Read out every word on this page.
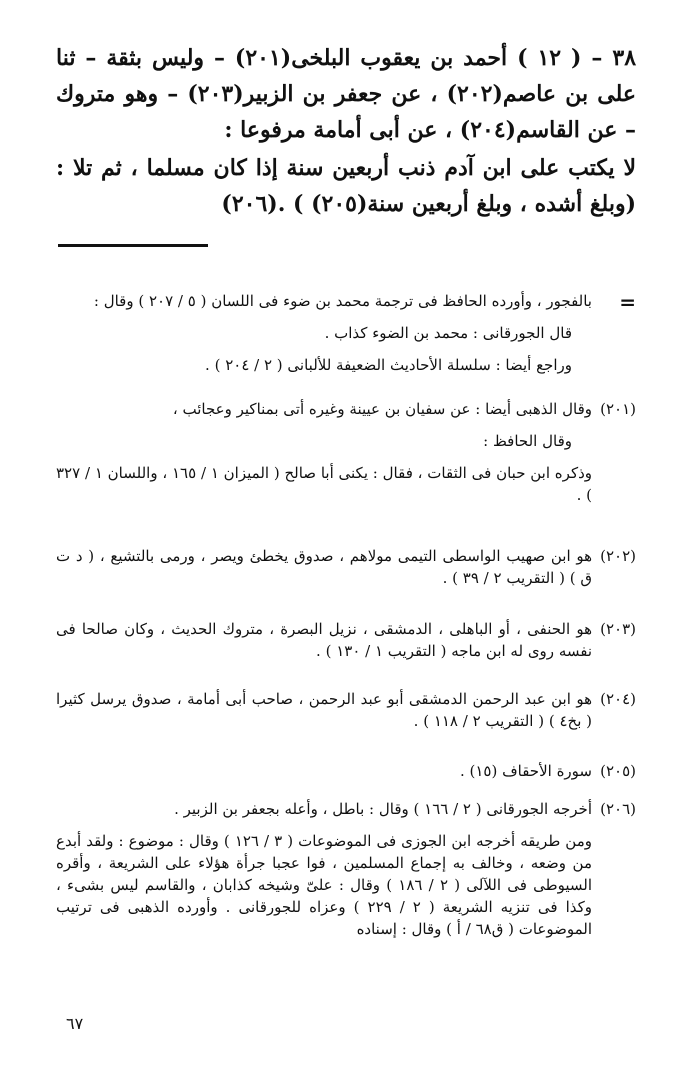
٣٨ – ( ١٢ ) أحمد بن يعقوب البلخى(٢٠١) – وليس بثقة – ثنا على بن عاصم(٢٠٢) ، عن جعفر بن الزبير(٢٠٣) – وهو متروك – عن القاسم(٢٠٤) ، عن أبى أمامة مرفوعا :

لا يكتب على ابن آدم ذنب أربعين سنة إذا كان مسلما ، ثم تلا : (وبلغ أشده ، وبلغ أربعين سنة(٢٠٥) ) .(٢٠٦)

=
بالفجور ، وأورده الحافظ فى ترجمة محمد بن ضوء فى اللسان ( ٥ / ٢٠٧ ) وقال :
قال الجورقانى : محمد بن الضوء كذاب .
وراجع أيضا : سلسلة الأحاديث الضعيفة للألبانى ( ٢ / ٢٠٤ ) .
(٢٠١)
وقال الذهبى أيضا : عن سفيان بن عيينة وغيره أتى بمناكير وعجائب ،
وقال الحافظ :
وذكره ابن حبان فى الثقات ، فقال : يكنى أبا صالح ( الميزان ١ / ١٦٥ ، واللسان ١ / ٣٢٧ ) .
(٢٠٢)
هو ابن صهيب الواسطى التيمى مولاهم ، صدوق يخطئ ويصر ، ورمى بالتشيع ، ( د ت ق ) ( التقريب ٢ / ٣٩ ) .
(٢٠٣)
هو الحنفى ، أو الباهلى ، الدمشقى ، نزيل البصرة ، متروك الحديث ، وكان صالحا فى نفسه روى له ابن ماجه ( التقريب ١ / ١٣٠ ) .
(٢٠٤)
هو ابن عبد الرحمن الدمشقى أبو عبد الرحمن ، صاحب أبى أمامة ، صدوق يرسل كثيرا ( بخ٤ ) ( التقريب ٢ / ١١٨ ) .
(٢٠٥)
سورة الأحقاف (١٥) .
(٢٠٦)
أخرجه الجورقانى ( ٢ / ١٦٦ ) وقال : باطل ، وأعله بجعفر بن الزبير .
ومن طريقه أخرجه ابن الجوزى فى الموضوعات ( ٣ / ١٢٦ ) وقال : موضوع : ولقد أبدع من وضعه ، وخالف به إجماع المسلمين ، فوا عجبا جرأة هؤلاء على الشريعة ، وأقره السيوطى فى اللآلى ( ٢ / ١٨٦ ) وقال : علىّ وشيخه كذابان ، والقاسم ليس بشىء ، وكذا فى تنزيه الشريعة ( ٢ / ٢٢٩ ) وعزاه للجورقانى . وأورده الذهبى فى ترتيب الموضوعات ( ق٦٨ / أ ) وقال : إسناده
٦٧
